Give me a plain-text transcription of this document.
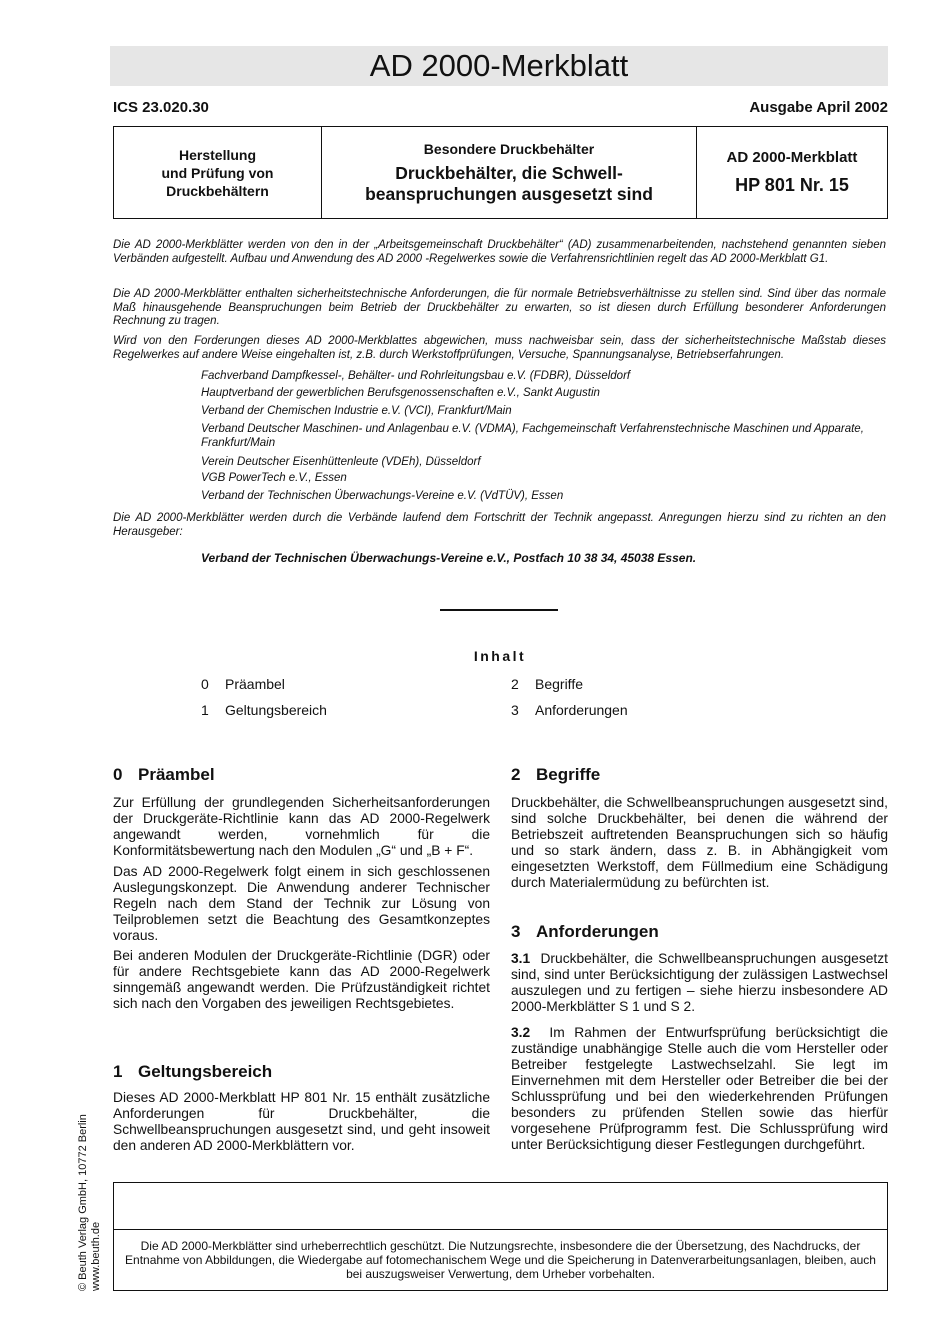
AD 2000-Merkblatt
ICS 23.020.30	Ausgabe April 2002
Herstellung
und Prüfung von
Druckbehältern
Besondere Druckbehälter
Druckbehälter, die Schwell-
beanspruchungen ausgesetzt sind
AD 2000-Merkblatt
HP 801 Nr. 15

Die AD 2000-Merkblätter werden von den in der „Arbeitsgemeinschaft Druckbehälter“ (AD) zusammenarbeitenden, nachstehend genannten sieben Verbänden aufgestellt. Aufbau und Anwendung des AD 2000 -Regelwerkes sowie die Verfahrensrichtlinien regelt das AD 2000-Merkblatt G1.

Die AD 2000-Merkblätter enthalten sicherheitstechnische Anforderungen, die für normale Betriebsverhältnisse zu stellen sind. Sind über das normale Maß hinausgehende Beanspruchungen beim Betrieb der Druckbehälter zu erwarten, so ist diesen durch Erfüllung besonderer Anforderungen Rechnung zu tragen.

Wird von den Forderungen dieses AD 2000-Merkblattes abgewichen, muss nachweisbar sein, dass der sicherheitstechnische Maßstab dieses Regelwerkes auf andere Weise eingehalten ist, z.B. durch Werkstoffprüfungen, Versuche, Spannungsanalyse, Betriebserfahrungen.

Fachverband Dampfkessel-, Behälter- und Rohrleitungsbau e.V. (FDBR), Düsseldorf

Hauptverband der gewerblichen Berufsgenossenschaften e.V., Sankt Augustin

Verband der Chemischen Industrie e.V. (VCI), Frankfurt/Main

Verband Deutscher Maschinen- und Anlagenbau e.V. (VDMA), Fachgemeinschaft Verfahrenstechnische Maschinen und Apparate, Frankfurt/Main

Verein Deutscher Eisenhüttenleute (VDEh), Düsseldorf

VGB PowerTech e.V., Essen

Verband der Technischen Überwachungs-Vereine e.V. (VdTÜV), Essen

Die AD 2000-Merkblätter werden durch die Verbände laufend dem Fortschritt der Technik angepasst. Anregungen hierzu sind zu richten an den Herausgeber:

Verband der Technischen Überwachungs-Vereine e.V., Postfach 10 38 34, 45038 Essen.
Inhalt
0 Präambel
1 Geltungsbereich
2 Begriffe
3 Anforderungen
0 Präambel

Zur Erfüllung der grundlegenden Sicherheitsanforderungen der Druckgeräte-Richtlinie kann das AD 2000-Regelwerk angewandt werden, vornehmlich für die Konformitätsbewertung nach den Modulen „G“ und „B + F“.

Das AD 2000-Regelwerk folgt einem in sich geschlossenen Auslegungskonzept. Die Anwendung anderer Technischer Regeln nach dem Stand der Technik zur Lösung von Teilproblemen setzt die Beachtung des Gesamtkonzeptes voraus.

Bei anderen Modulen der Druckgeräte-Richtlinie (DGR) oder für andere Rechtsgebiete kann das AD 2000-Regelwerk sinngemäß angewandt werden. Die Prüfzuständigkeit richtet sich nach den Vorgaben des jeweiligen Rechtsgebietes.

1 Geltungsbereich

Dieses AD 2000-Merkblatt HP 801 Nr. 15 enthält zusätzliche Anforderungen für Druckbehälter, die Schwellbeanspruchungen ausgesetzt sind, und geht insoweit den anderen AD 2000-Merkblättern vor.

2 Begriffe

Druckbehälter, die Schwellbeanspruchungen ausgesetzt sind, sind solche Druckbehälter, bei denen die während der Betriebszeit auftretenden Beanspruchungen sich so häufig und so stark ändern, dass z. B. in Abhängigkeit vom eingesetzten Werkstoff, dem Füllmedium eine Schädigung durch Materialermüdung zu befürchten ist.

3 Anforderungen

3.1 Druckbehälter, die Schwellbeanspruchungen ausgesetzt sind, sind unter Berücksichtigung der zulässigen Lastwechsel auszulegen und zu fertigen – siehe hierzu insbesondere AD 2000-Merkblätter S 1 und S 2.

3.2 Im Rahmen der Entwurfsprüfung berücksichtigt die zuständige unabhängige Stelle auch die vom Hersteller oder Betreiber festgelegte Lastwechselzahl. Sie legt im Einvernehmen mit dem Hersteller oder Betreiber die bei der Schlussprüfung und bei den wiederkehrenden Prüfungen besonders zu prüfenden Stellen sowie das hierfür vorgesehene Prüfprogramm fest. Die Schlussprüfung wird unter Berücksichtigung dieser Festlegungen durchgeführt.

Die AD 2000-Merkblätter sind urheberrechtlich geschützt. Die Nutzungsrechte, insbesondere die der Übersetzung, des Nachdrucks, der Entnahme von Abbildungen, die Wiedergabe auf fotomechanischem Wege und die Speicherung in Datenverarbeitungsanlagen, bleiben, auch bei auszugsweiser Verwertung, dem Urheber vorbehalten.
© Beuth Verlag GmbH, 10772 Berlin www.beuth.de
